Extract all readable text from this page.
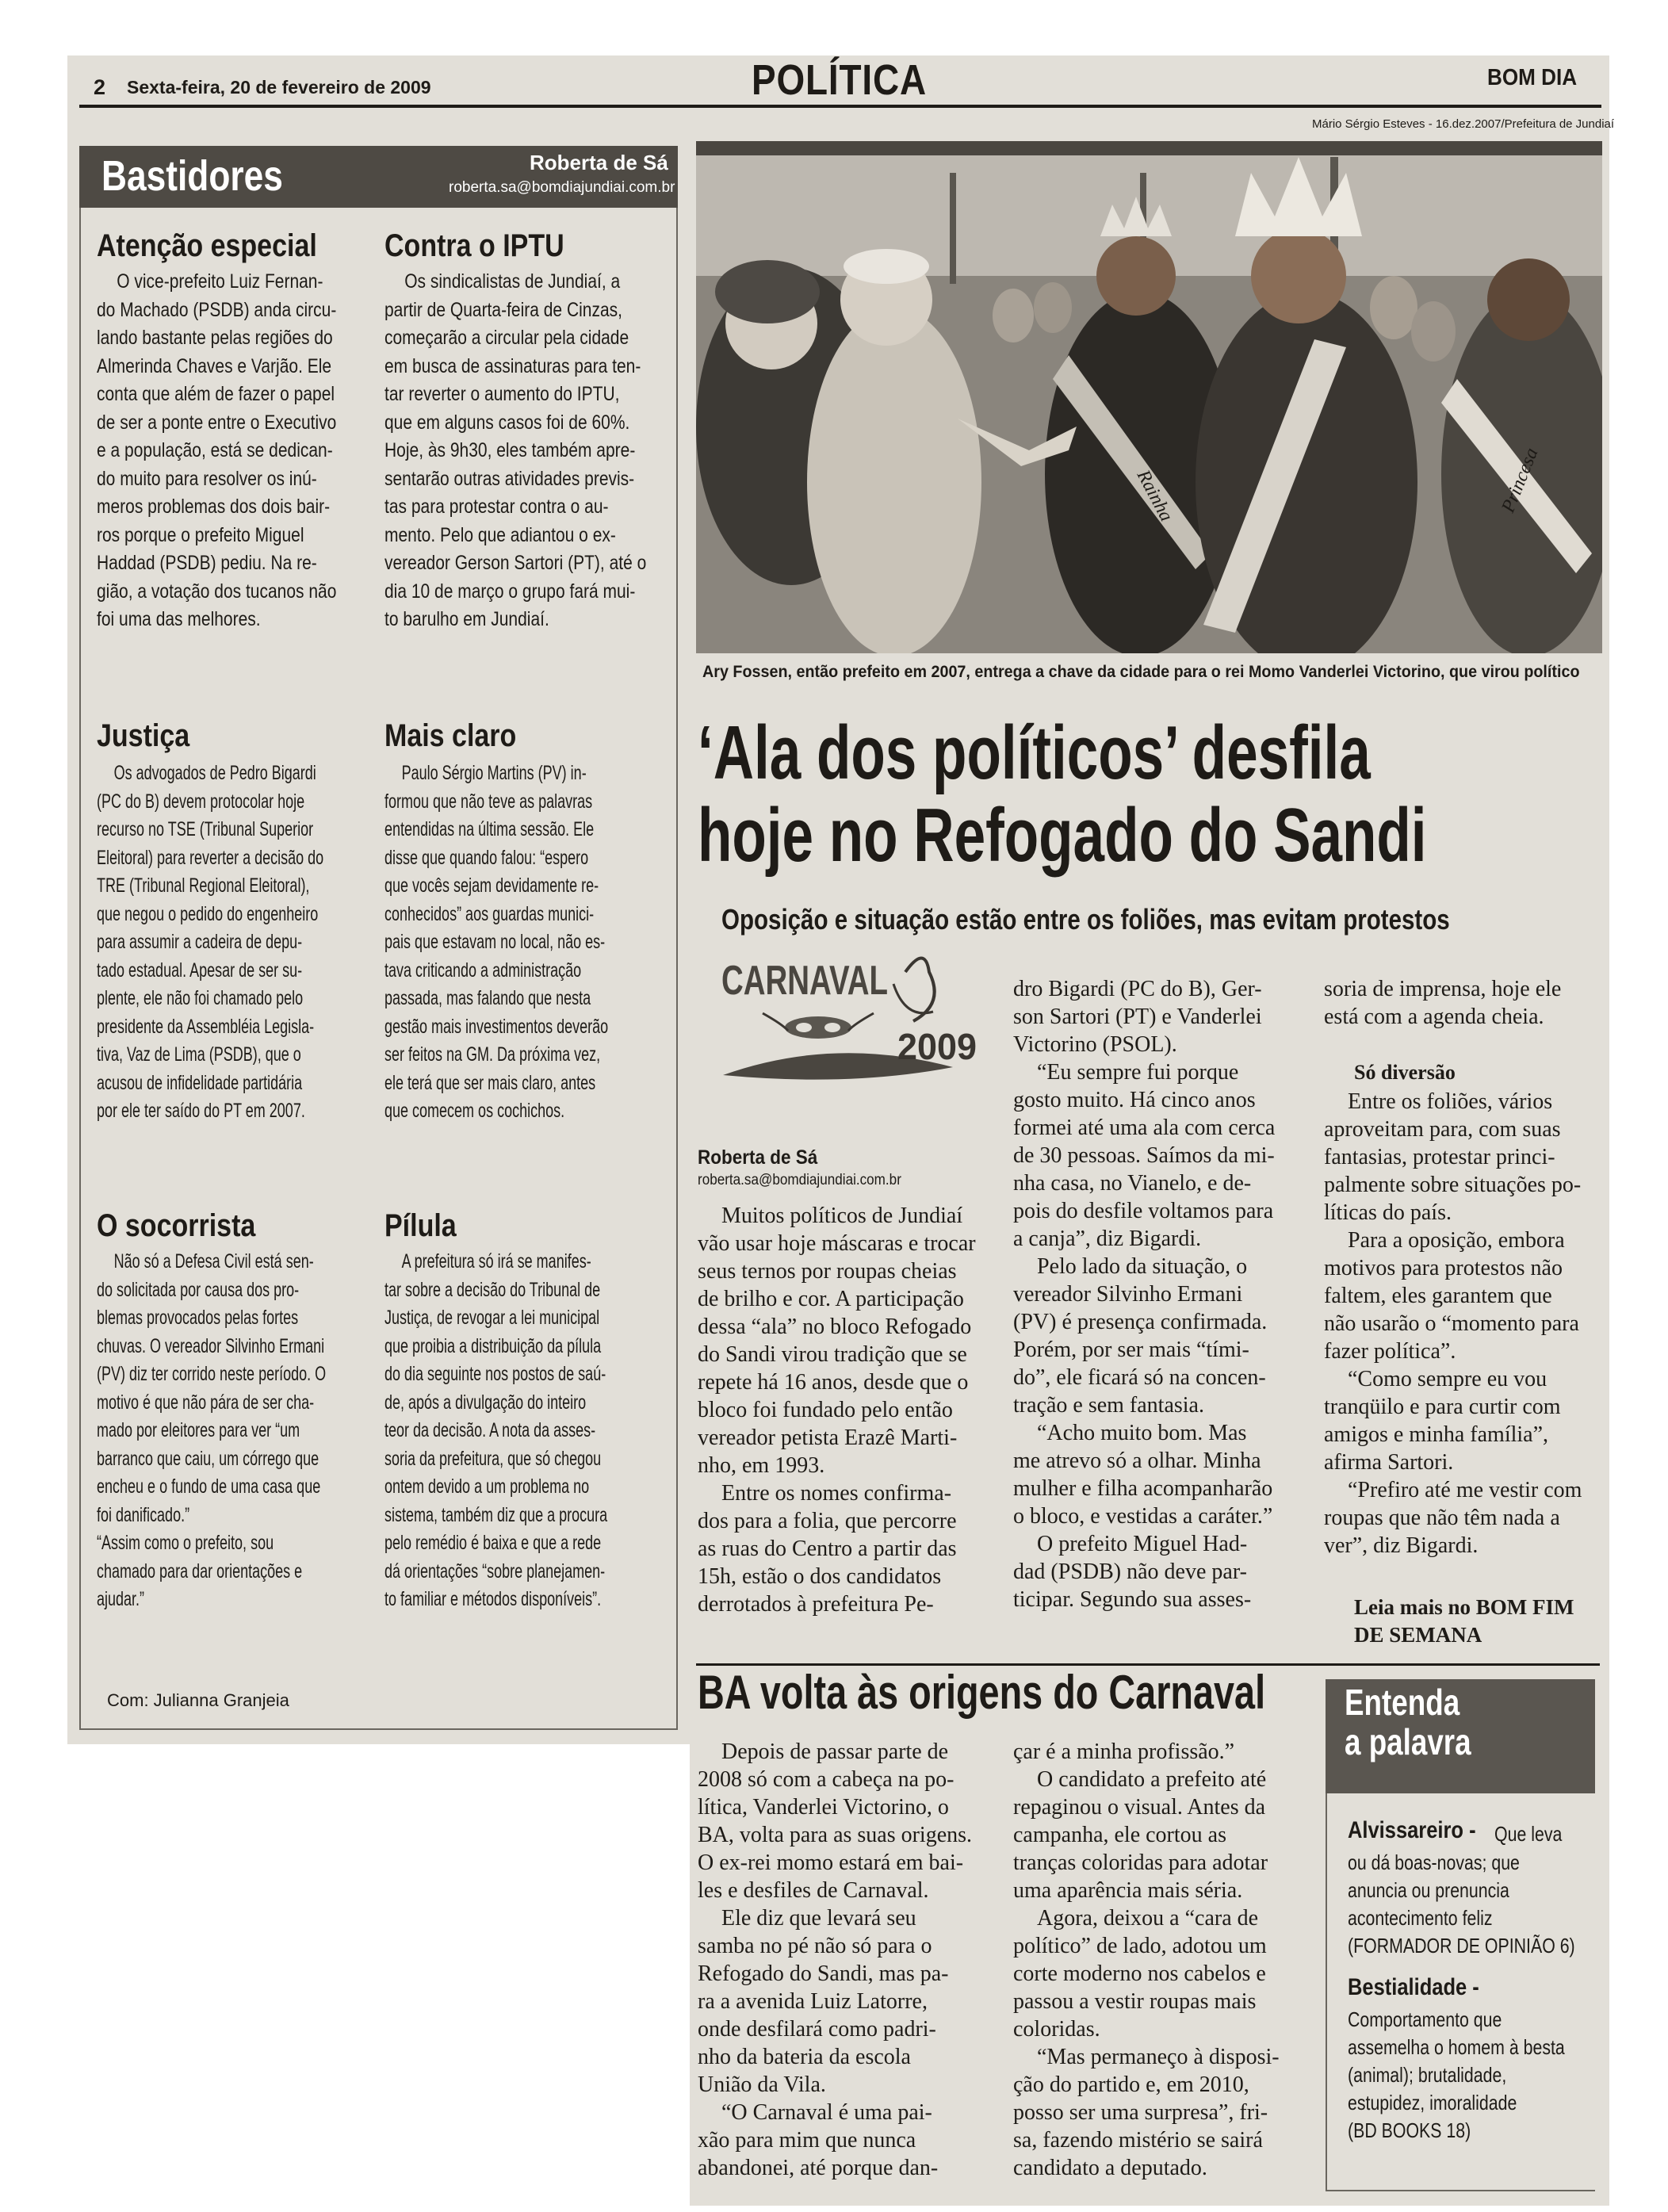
2 Sexta-feira, 20 de fevereiro de 2009	POLÍTICA	BOM DIA
Bastidores	Roberta de Sá
roberta.sa@bomdiajundiai.com.br
Atenção especial
O vice-prefeito Luiz Fernan-
do Machado (PSDB) anda circu-
lando bastante pelas regiões do
Almerinda Chaves e Varjão. Ele
conta que além de fazer o papel
de ser a ponte entre o Executivo
e a população, está se dedican-
do muito para resolver os inú-
meros problemas dos dois bair-
ros porque o prefeito Miguel
Haddad (PSDB) pediu. Na re-
gião, a votação dos tucanos não
foi uma das melhores.
Contra o IPTU
Os sindicalistas de Jundiaí, a
partir de Quarta-feira de Cinzas,
começarão a circular pela cidade
em busca de assinaturas para ten-
tar reverter o aumento do IPTU,
que em alguns casos foi de 60%.
Hoje, às 9h30, eles também apre-
sentarão outras atividades previs-
tas para protestar contra o au-
mento. Pelo que adiantou o ex-
vereador Gerson Sartori (PT), até o
dia 10 de março o grupo fará mui-
to barulho em Jundiaí.
Justiça
Os advogados de Pedro Bigardi
(PC do B) devem protocolar hoje
recurso no TSE (Tribunal Superior
Eleitoral) para reverter a decisão do
TRE (Tribunal Regional Eleitoral),
que negou o pedido do engenheiro
para assumir a cadeira de depu-
tado estadual. Apesar de ser su-
plente, ele não foi chamado pelo
presidente da Assembléia Legisla-
tiva, Vaz de Lima (PSDB), que o
acusou de infidelidade partidária
por ele ter saído do PT em 2007.
Mais claro
Paulo Sérgio Martins (PV) in-
formou que não teve as palavras
entendidas na última sessão. Ele
disse que quando falou: “espero
que vocês sejam devidamente re-
conhecidos” aos guardas munici-
pais que estavam no local, não es-
tava criticando a administração
passada, mas falando que nesta
gestão mais investimentos deverão
ser feitos na GM. Da próxima vez,
ele terá que ser mais claro, antes
que comecem os cochichos.
O socorrista
Não só a Defesa Civil está sen-
do solicitada por causa dos pro-
blemas provocados pelas fortes
chuvas. O vereador Silvinho Ermani
(PV) diz ter corrido neste período. O
motivo é que não pára de ser cha-
mado por eleitores para ver “um
barranco que caiu, um córrego que
encheu e o fundo de uma casa que
foi danificado.”
“Assim como o prefeito, sou
chamado para dar orientações e
ajudar.”
Pílula
A prefeitura só irá se manifes-
tar sobre a decisão do Tribunal de
Justiça, de revogar a lei municipal
que proibia a distribuição da pílula
do dia seguinte nos postos de saú-
de, após a divulgação do inteiro
teor da decisão. A nota da asses-
soria da prefeitura, que só chegou
ontem devido a um problema no
sistema, também diz que a procura
pelo remédio é baixa e que a rede
dá orientações “sobre planejamen-
to familiar e métodos disponíveis”.
Com: Julianna Granjeia
Mário Sérgio Esteves - 16.dez.2007/Prefeitura de Jundiaí
Rainha	Princesa
Ary Fossen, então prefeito em 2007, entrega a chave da cidade para o rei Momo Vanderlei Victorino, que virou político
‘Ala dos políticos’ desfila
hoje no Refogado do Sandi
Oposição e situação estão entre os foliões, mas evitam protestos
CARNAVAL
2009
Roberta de Sá
roberta.sa@bomdiajundiai.com.br
Muitos políticos de Jundiaí
vão usar hoje máscaras e trocar
seus ternos por roupas cheias
de brilho e cor. A participação
dessa “ala” no bloco Refogado
do Sandi virou tradição que se
repete há 16 anos, desde que o
bloco foi fundado pelo então
vereador petista Erazê Marti-
nho, em 1993.
Entre os nomes confirma-
dos para a folia, que percorre
as ruas do Centro a partir das
15h, estão o dos candidatos
derrotados à prefeitura Pe-
dro Bigardi (PC do B), Ger-
son Sartori (PT) e Vanderlei
Victorino (PSOL).
“Eu sempre fui porque
gosto muito. Há cinco anos
formei até uma ala com cerca
de 30 pessoas. Saímos da mi-
nha casa, no Vianelo, e de-
pois do desfile voltamos para
a canja”, diz Bigardi.
Pelo lado da situação, o
vereador Silvinho Ermani
(PV) é presença confirmada.
Porém, por ser mais “tími-
do”, ele ficará só na concen-
tração e sem fantasia.
“Acho muito bom. Mas
me atrevo só a olhar. Minha
mulher e filha acompanharão
o bloco, e vestidas a caráter.”
O prefeito Miguel Had-
dad (PSDB) não deve par-
ticipar. Segundo sua asses-
soria de imprensa, hoje ele
está com a agenda cheia.
Só diversão
Entre os foliões, vários
aproveitam para, com suas
fantasias, protestar princi-
palmente sobre situações po-
líticas do país.
Para a oposição, embora
motivos para protestos não
faltem, eles garantem que
não usarão o “momento para
fazer política”.
“Como sempre eu vou
tranqüilo e para curtir com
amigos e minha família”,
afirma Sartori.
“Prefiro até me vestir com
roupas que não têm nada a
ver”, diz Bigardi.
Leia mais no BOM FIM
DE SEMANA
BA volta às origens do Carnaval
Depois de passar parte de
2008 só com a cabeça na po-
lítica, Vanderlei Victorino, o
BA, volta para as suas origens.
O ex-rei momo estará em bai-
les e desfiles de Carnaval.
Ele diz que levará seu
samba no pé não só para o
Refogado do Sandi, mas pa-
ra a avenida Luiz Latorre,
onde desfilará como padri-
nho da bateria da escola
União da Vila.
“O Carnaval é uma pai-
xão para mim que nunca
abandonei, até porque dan-
çar é a minha profissão.”
O candidato a prefeito até
repaginou o visual. Antes da
campanha, ele cortou as
tranças coloridas para adotar
uma aparência mais séria.
Agora, deixou a “cara de
político” de lado, adotou um
corte moderno nos cabelos e
passou a vestir roupas mais
coloridas.
“Mas permaneço à disposi-
ção do partido e, em 2010,
posso ser uma surpresa”, fri-
sa, fazendo mistério se sairá
candidato a deputado.
Entenda
a palavra
Alvissareiro - Que leva
ou dá boas-novas; que
anuncia ou prenuncia
acontecimento feliz
(FORMADOR DE OPINIÃO 6)
Bestialidade -
Comportamento que
assemelha o homem à besta
(animal); brutalidade,
estupidez, imoralidade
(BD BOOKS 18)
